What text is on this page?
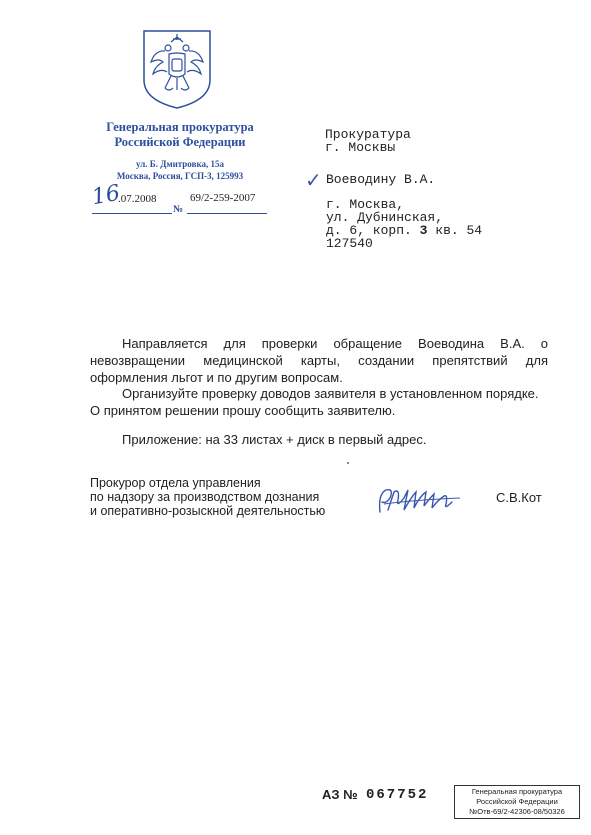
Генеральная прокуратура
Российской Федерации
ул. Б. Дмитровка, 15а
Москва, Россия, ГСП-3, 125993
16
.07.2008	69/2-259-2007
№
Прокуратура
г. Москвы
✓ Воеводину В.А.
г. Москва,
ул. Дубнинская,
д. 6, корп. 3 кв. 54
127540
Направляется для проверки обращение Воеводина В.А. о невозвращении медицинской карты, создании препятствий для оформления льгот и по другим вопросам.
Организуйте проверку доводов заявителя в установленном порядке. О принятом решении прошу сообщить заявителю.
Приложение: на 33 листах + диск в первый адрес.
Прокурор отдела управления
по надзору за производством дознания
и оперативно-розыскной деятельностью
С.В.Кот
АЗ № 067752	Генеральная прокуратура
Российской Федерации
№Отв-69/2-42306-08/50326
